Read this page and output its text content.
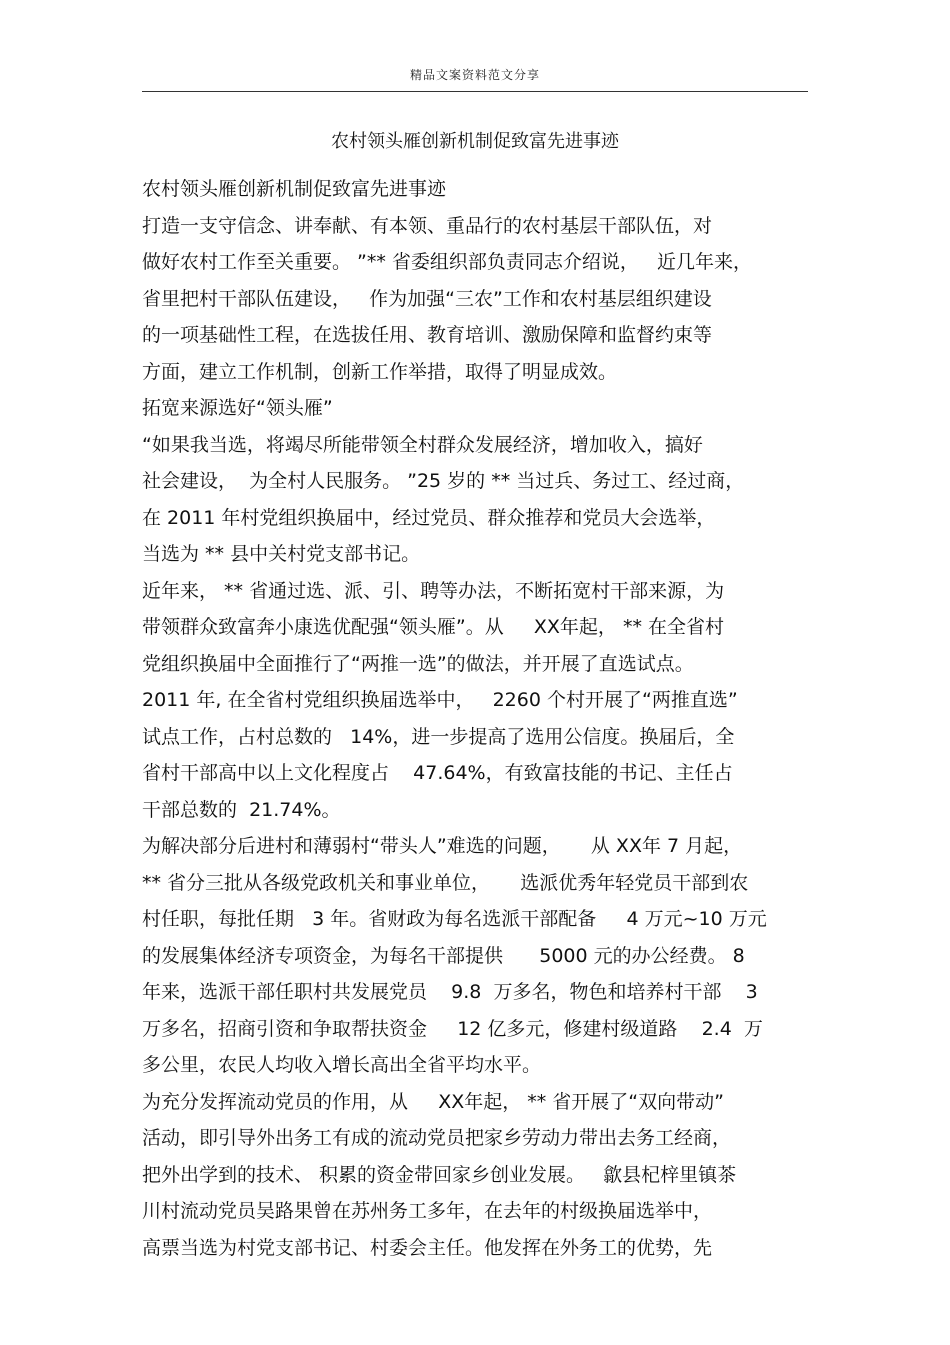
精品文案资料范文分享
农村领头雁创新机制促致富先进事迹
农村领头雁创新机制促致富先进事迹
打造一支守信念、讲奉献、有本领、重品行的农村基层干部队伍，对
做好农村工作至关重要。 ”** 省委组织部负责同志介绍说，   近几年来，
省里把村干部队伍建设，   作为加强“三农”工作和农村基层组织建设
的一项基础性工程，在选拔任用、教育培训、激励保障和监督约束等
方面，建立工作机制，创新工作举措，取得了明显成效。
拓宽来源选好“领头雁”
“如果我当选，将竭尽所能带领全村群众发展经济，增加收入，搞好
社会建设，  为全村人民服务。 ”25 岁的 ** 当过兵、务过工、经过商，
在 2011 年村党组织换届中，经过党员、群众推荐和党员大会选举，
当选为 ** 县中关村党支部书记。
近年来， ** 省通过选、派、引、聘等办法，不断拓宽村干部来源，为
带领群众致富奔小康选优配强“领头雁”。从     XX年起， ** 在全省村
党组织换届中全面推行了“两推一选”的做法，并开展了直选试点。
2011 年, 在全省村党组织换届选举中，   2260 个村开展了“两推直选”
试点工作，占村总数的   14%，进一步提高了选用公信度。换届后，全
省村干部高中以上文化程度占    47.64%，有致富技能的书记、主任占
干部总数的  21.74%。
为解决部分后进村和薄弱村“带头人”难选的问题，     从 XX年 7 月起，
** 省分三批从各级党政机关和事业单位，     选派优秀年轻党员干部到农
村任职，每批任期   3 年。省财政为每名选派干部配备     4 万元~10 万元
的发展集体经济专项资金，为每名干部提供      5000 元的办公经费。 8
年来，选派干部任职村共发展党员    9.8  万多名，物色和培养村干部    3
万多名，招商引资和争取帮扶资金     12 亿多元，修建村级道路    2.4  万
多公里，农民人均收入增长高出全省平均水平。
为充分发挥流动党员的作用，从     XX年起， ** 省开展了“双向带动”
活动，即引导外出务工有成的流动党员把家乡劳动力带出去务工经商，
把外出学到的技术、 积累的资金带回家乡创业发展。   歙县杞梓里镇茶
川村流动党员吴路果曾在苏州务工多年，在去年的村级换届选举中，
高票当选为村党支部书记、村委会主任。他发挥在外务工的优势，先
